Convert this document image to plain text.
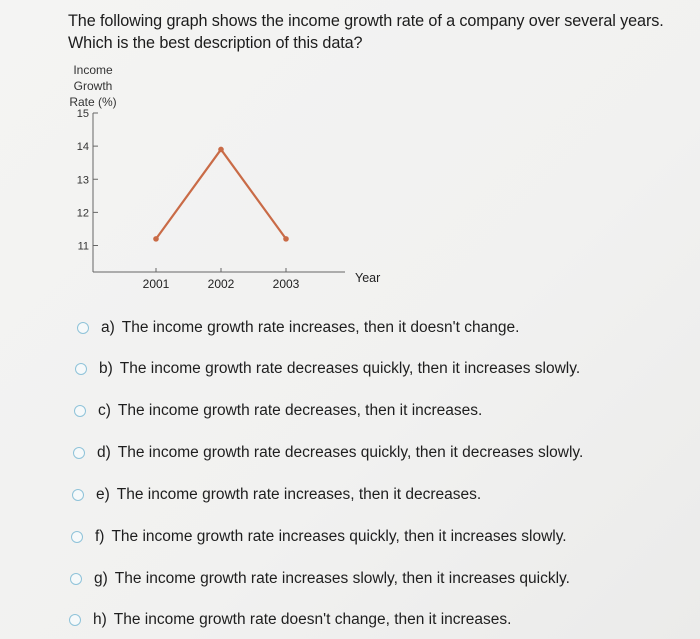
The following graph shows the income growth rate of a company over several years.
Which is the best description of this data?
Income
Growth
Rate (%)
11
12
13
14
15
2001	2002	2003	Year
a) The income growth rate increases, then it doesn't change.
b) The income growth rate decreases quickly, then it increases slowly.
c) The income growth rate decreases, then it increases.
d) The income growth rate decreases quickly, then it decreases slowly.
e) The income growth rate increases, then it decreases.
f) The income growth rate increases quickly, then it increases slowly.
g) The income growth rate increases slowly, then it increases quickly.
h) The income growth rate doesn't change, then it increases.
